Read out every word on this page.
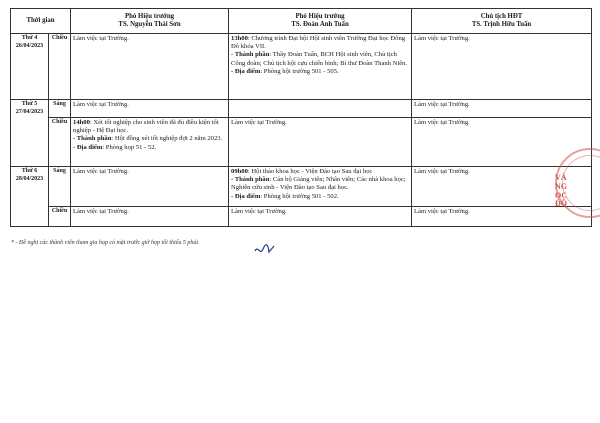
Thời gian		Phó Hiệu trưởng
TS. Nguyễn Thái Sơn	Phó Hiệu trưởng
TS. Đoàn Anh Tuấn	Chủ tịch HĐT
TS. Trịnh Hữu Tuấn

Thứ 4
26/04/2023	Chiều	Làm việc tại Trường.	13h00: Chương trình Đại hội Hội sinh viên Trường Đại học Đông Đô khóa VII.
- Thành phần: Thầy Đoàn Tuấn, BCH Hội sinh viên, Chủ tịch Công đoàn; Chủ tịch hội cựu chiến binh; Bí thư Đoàn Thanh Niên.
- Địa điểm: Phòng hội trường 501 - 505.	Làm việc tại Trường.

Thứ 5
27/04/2023	Sáng	Làm việc tại Trường.		Làm việc tại Trường.

	Chiều	14h00: Xét tốt nghiệp cho sinh viên đã đủ điều kiện tốt nghiệp - Hệ Đại học.
- Thành phần: Hội đồng xét tốt nghiệp đợt 2 năm 2023.
- Địa điểm: Phòng họp 51 - 52.	Làm việc tại Trường.	Làm việc tại Trường.

Thứ 6
28/04/2023	Sáng	Làm việc tại Trường.	09h00: Hội thảo khoa học - Viện Đào tạo Sau đại học
- Thành phần: Cán bộ Giảng viên; Nhân viên; Các nhà khoa học; Nghiên cứu sinh - Viện Đào tạo Sau đại học.
- Địa điểm: Phòng hội trường 501 - 502.	Làm việc tại Trường.

	Chiều	Làm việc tại Trường.	Làm việc tại Trường.	Làm việc tại Trường.
* - Đề nghị các thành viên tham gia họp có mặt trước giờ họp tối thiểu 5 phút.
VÀ
NG
ỌC
ĐÔ
